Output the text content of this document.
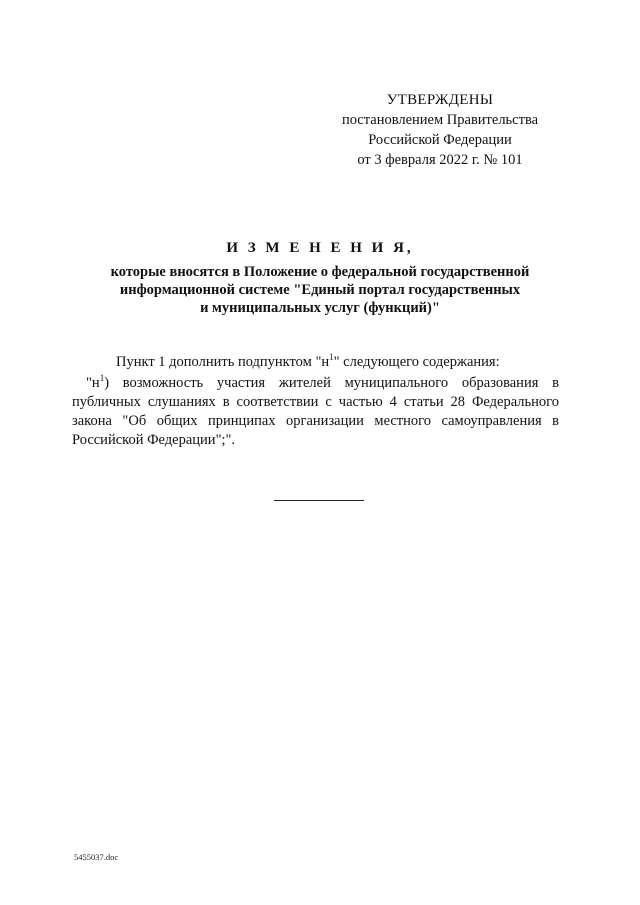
УТВЕРЖДЕНЫ
постановлением Правительства
Российской Федерации
от 3 февраля 2022 г. № 101
И З М Е Н Е Н И Я,
которые вносятся в Положение о федеральной государственной
информационной системе "Единый портал государственных
и муниципальных услуг (функций)"

Пункт 1 дополнить подпунктом "$н^1$" следующего содержания:

"$н^1$) возможность участия жителей муниципального образования в публичных слушаниях в соответствии с частью 4 статьи 28 Федерального закона "Об общих принципах организации местного самоуправления в Российской Федерации";".

5455037.doc
